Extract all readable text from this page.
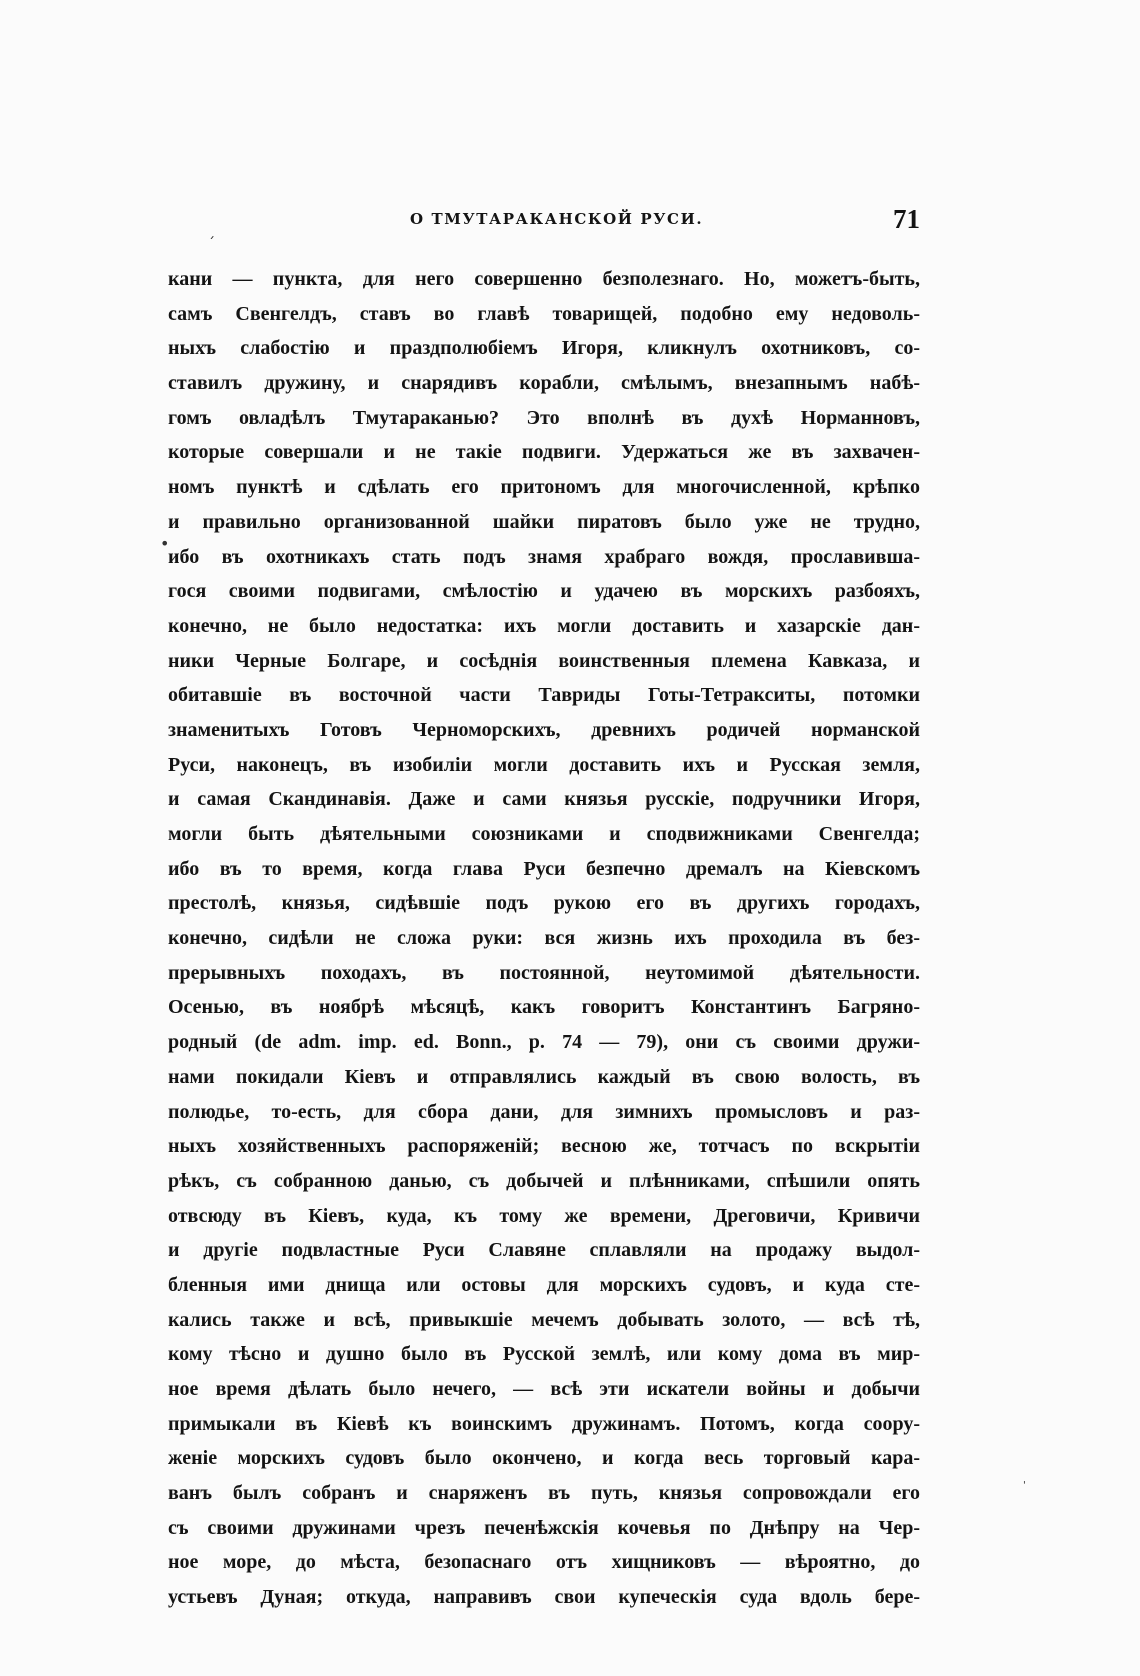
О ТМУТАРАКАНСКОЙ РУСИ.	71
ˊ
•
'
кани — пункта, для него совершенно безполезнаго. Но, можетъ-быть,
самъ Свенгелдъ, ставъ во главѣ товарищей, подобно ему недоволь-
ныхъ слабостію и праздполюбіемъ Игоря, кликнулъ охотниковъ, со-
ставилъ дружину, и снарядивъ корабли, смѣлымъ, внезапнымъ набѣ-
гомъ овладѣлъ Тмутараканью? Это вполнѣ въ духѣ Норманновъ,
которые совершали и не такіе подвиги. Удержаться же въ захвачен-
номъ пунктѣ и сдѣлать его притономъ для многочисленной, крѣпко
и правильно организованной шайки пиратовъ было уже не трудно,
ибо въ охотникахъ стать подъ знамя храбраго вождя, прославивша-
гося своими подвигами, смѣлостію и удачею въ морскихъ разбояхъ,
конечно, не было недостатка: ихъ могли доставить и хазарскіе дан-
ники Черные Болгаре, и сосѣднія воинственныя племена Кавказа, и
обитавшіе въ восточной части Тавриды Готы-Тетракситы, потомки
знаменитыхъ Готовъ Черноморскихъ, древнихъ родичей норманской
Руси, наконецъ, въ изобиліи могли доставить ихъ и Русская земля,
и самая Скандинавія. Даже и сами князья русскіе, подручники Игоря,
могли быть дѣятельными союзниками и сподвижниками Свенгелда;
ибо въ то время, когда глава Руси безпечно дремалъ на Кіевскомъ
престолѣ, князья, сидѣвшіе подъ рукою его въ другихъ городахъ,
конечно, сидѣли не сложа руки: вся жизнь ихъ проходила въ без-
прерывныхъ походахъ, въ постоянной, неутомимой дѣятельности.
Осенью, въ ноябрѣ мѣсяцѣ, какъ говоритъ Константинъ Багряно-
родный (de adm. imp. ed. Bonn., p. 74 — 79), они съ своими дружи-
нами покидали Кіевъ и отправлялись каждый въ свою волость, въ
полюдье, то-есть, для сбора дани, для зимнихъ промысловъ и раз-
ныхъ хозяйственныхъ распоряженій; весною же, тотчасъ по вскрытіи
рѣкъ, съ собранною данью, съ добычей и плѣнниками, спѣшили опять
отвсюду въ Кіевъ, куда, къ тому же времени, Дреговичи, Кривичи
и другіе подвластные Руси Славяне сплавляли на продажу выдол-
бленныя ими днища или остовы для морскихъ судовъ, и куда сте-
кались также и всѣ, привыкшіе мечемъ добывать золото, — всѣ тѣ,
кому тѣсно и душно было въ Русской землѣ, или кому дома въ мир-
ное время дѣлать было нечего, — всѣ эти искатели войны и добычи
примыкали въ Кіевѣ къ воинскимъ дружинамъ. Потомъ, когда соору-
женіе морскихъ судовъ было окончено, и когда весь торговый кара-
ванъ былъ собранъ и снаряженъ въ путь, князья сопровождали его
съ своими дружинами чрезъ печенѣжскія кочевья по Днѣпру на Чер-
ное море, до мѣста, безопаснаго отъ хищниковъ — вѣроятно, до
устьевъ Дуная; откуда, направивъ свои купеческія суда вдоль бере-
